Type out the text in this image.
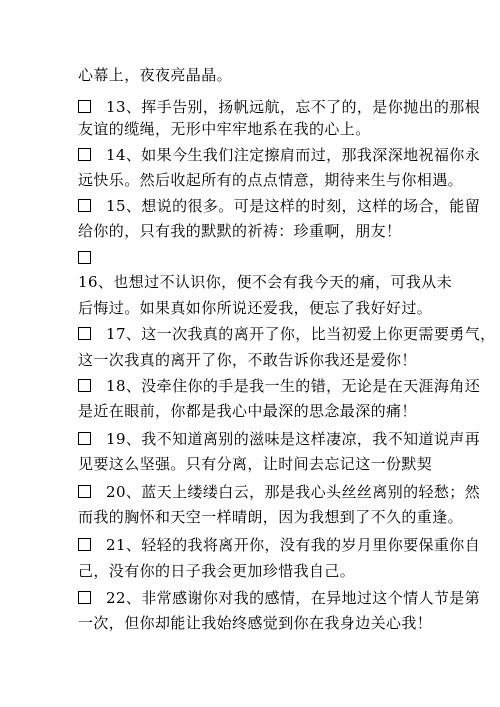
心幕上，夜夜亮晶晶。
13、挥手告别，扬帆远航，忘不了的，是你抛出的那根
友谊的缆绳，无形中牢牢地系在我的心上。
14、如果今生我们注定擦肩而过，那我深深地祝福你永
远快乐。然后收起所有的点点情意，期待来生与你相遇。
15、想说的很多。可是这样的时刻，这样的场合，能留
给你的，只有我的默默的祈祷：珍重啊，朋友！
16、也想过不认识你，便不会有我今天的痛，可我从未
后悔过。如果真如你所说还爱我，便忘了我好好过。
17、这一次我真的离开了你，比当初爱上你更需要勇气，
这一次我真的离开了你，不敢告诉你我还是爱你！
18、没牵住你的手是我一生的错，无论是在天涯海角还
是近在眼前，你都是我心中最深的思念最深的痛！
19、我不知道离别的滋味是这样凄凉，我不知道说声再
见要这么坚强。只有分离，让时间去忘记这一份默契
20、蓝天上缕缕白云，那是我心头丝丝离别的轻愁；然
而我的胸怀和天空一样晴朗，因为我想到了不久的重逢。
21、轻轻的我将离开你，没有我的岁月里你要保重你自
己，没有你的日子我会更加珍惜我自己。
22、非常感谢你对我的感情，在异地过这个情人节是第
一次，但你却能让我始终感觉到你在我身边关心我！
